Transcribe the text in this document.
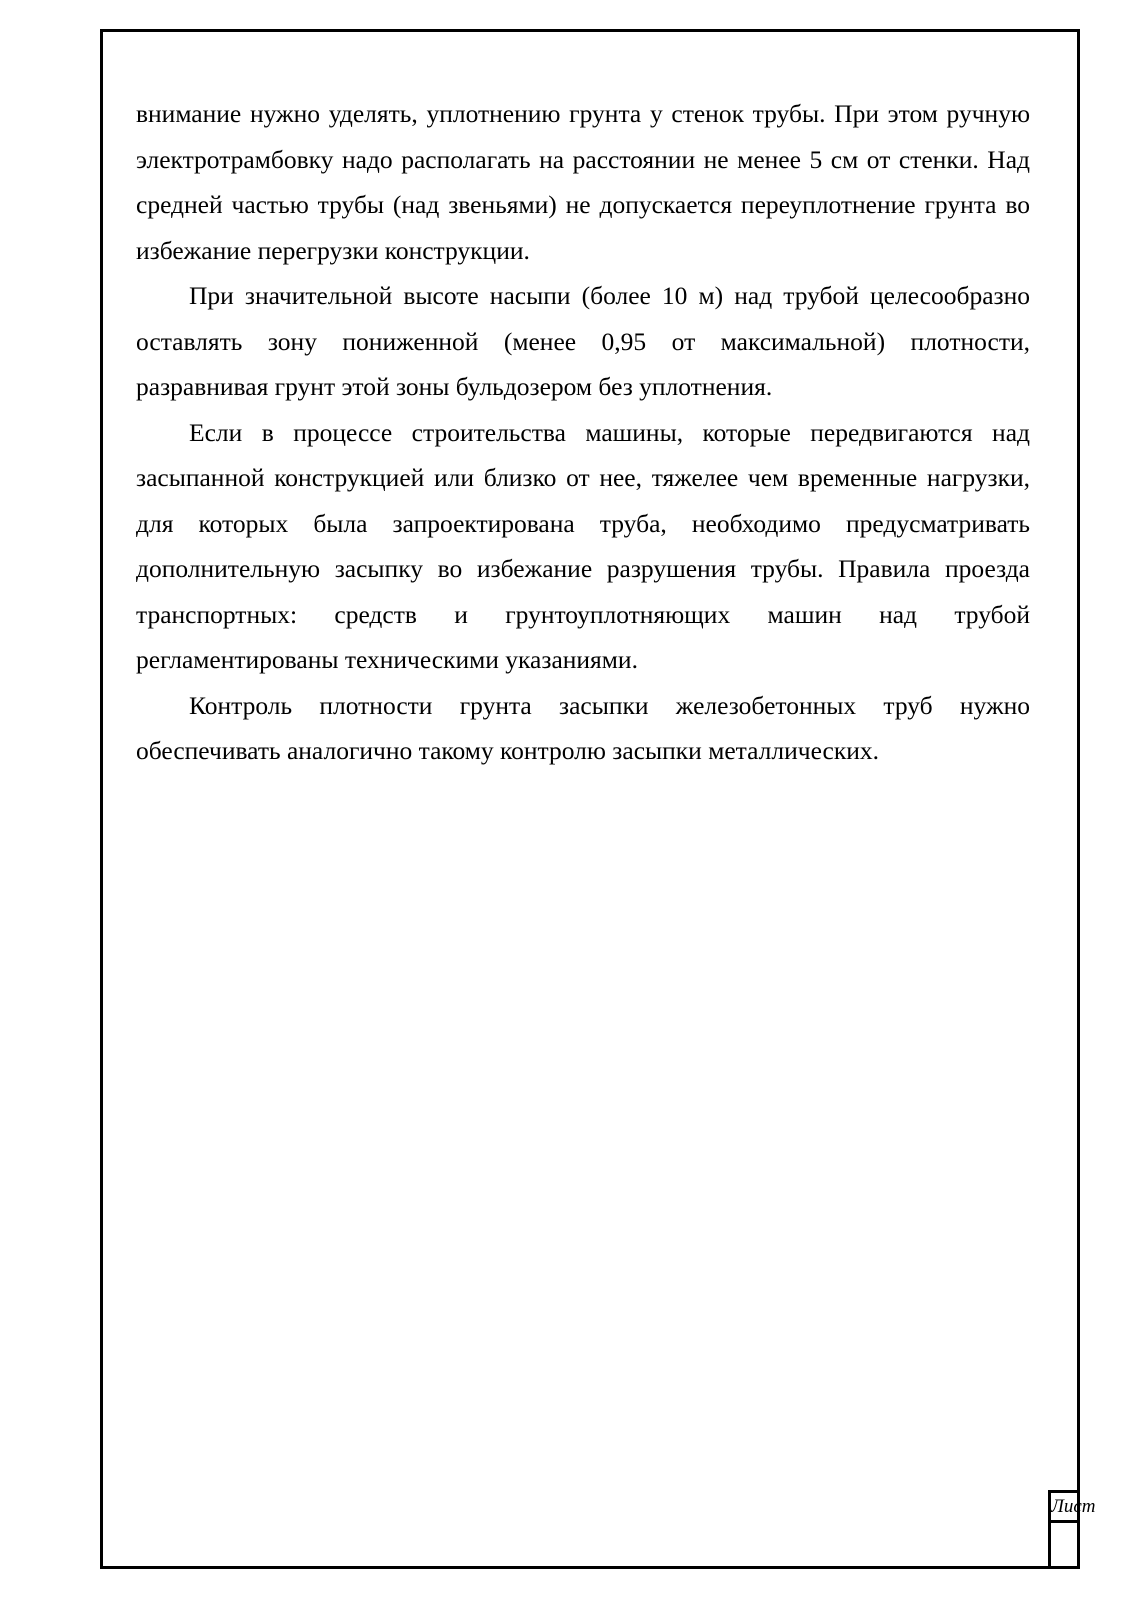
внимание нужно уделять, уплотнению грунта у стенок трубы. При этом ручную электротрамбовку надо располагать на расстоянии не менее 5 см от стенки. Над средней частью трубы (над звеньями) не допускается переуплотнение грунта во избежание перегрузки конструкции.

При значительной высоте насыпи (более 10 м) над трубой целесообразно оставлять зону пониженной (менее 0,95 от максимальной) плотности, разравнивая грунт этой зоны бульдозером без уплотнения.

Если в процессе строительства машины, которые передвигаются над засыпанной конструкцией или близко от нее, тяжелее чем временные нагрузки, для которых была запроектирована труба, необходимо предусматривать дополнительную засыпку во избежание разрушения трубы. Правила проезда транспортных: средств и грунтоуплотняющих машин над трубой регламентированы техническими указаниями.

Контроль плотности грунта засыпки железобетонных труб нужно обеспечивать аналогично такому контролю засыпки металлических.

Лист
